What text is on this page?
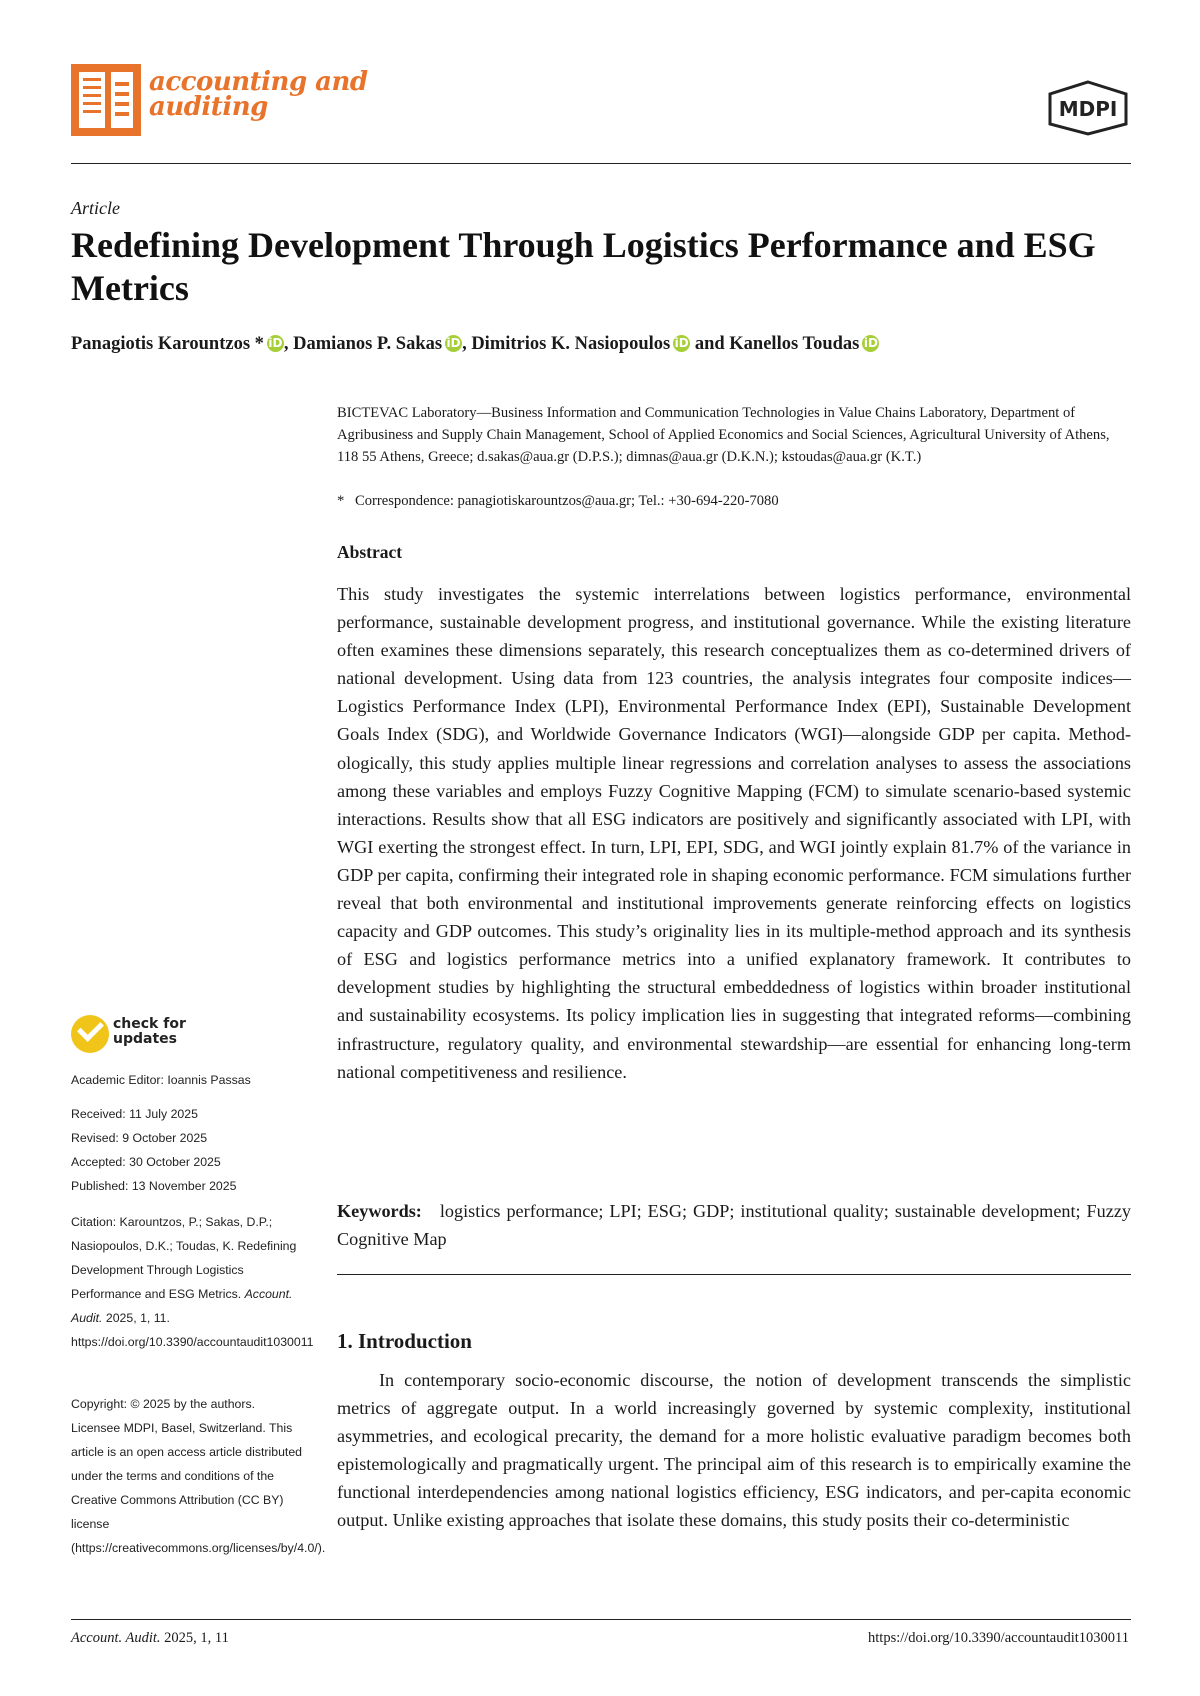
accounting and
auditing	MDPI
Article
Redefining Development Through Logistics Performance and ESG Metrics
Panagiotis Karountzos * iD, Damianos P. Sakas iD, Dimitrios K. Nasiopoulos iD and Kanellos Toudas iD
BICTEVAC Laboratory—Business Information and Communication Technologies in Value Chains Laboratory, Department of Agribusiness and Supply Chain Management, School of Applied Economics and Social Sciences, Agricultural University of Athens, 118 55 Athens, Greece; d.sakas@aua.gr (D.P.S.); dimnas@aua.gr (D.K.N.); kstoudas@aua.gr (K.T.)
* Correspondence: panagiotiskarountzos@aua.gr; Tel.: +30-694-220-7080
Abstract
This study investigates the systemic interrelations between logistics performance, environmental performance, sustainable development progress, and institutional governance. While the existing literature often examines these dimensions separately, this research conceptualizes them as co-determined drivers of national development. Using data from 123 countries, the analysis integrates four composite indices—Logistics Performance Index (LPI), Environmental Performance Index (EPI), Sustainable Development Goals Index (SDG), and Worldwide Governance Indicators (WGI)—alongside GDP per capita. Methodologically, this study applies multiple linear regressions and correlation analyses to assess the associations among these variables and employs Fuzzy Cognitive Mapping (FCM) to simulate scenario-based systemic interactions. Results show that all ESG indicators are positively and significantly associated with LPI, with WGI exerting the strongest effect. In turn, LPI, EPI, SDG, and WGI jointly explain 81.7% of the variance in GDP per capita, confirming their integrated role in shaping economic performance. FCM simulations further reveal that both environmental and institutional improvements generate reinforcing effects on logistics capacity and GDP outcomes. This study’s originality lies in its multiple-method approach and its synthesis of ESG and logistics performance metrics into a unified explanatory framework. It contributes to development studies by highlighting the structural embeddedness of logistics within broader institutional and sustainability ecosystems. Its policy implication lies in suggesting that integrated reforms—combining infrastructure, regulatory quality, and environmental stewardship—are essential for enhancing long-term national competitiveness and resilience.
Keywords: logistics performance; LPI; ESG; GDP; institutional quality; sustainable development; Fuzzy Cognitive Map
1. Introduction
In contemporary socio-economic discourse, the notion of development transcends the simplistic metrics of aggregate output. In a world increasingly governed by systemic complexity, institutional asymmetries, and ecological precarity, the demand for a more holistic evaluative paradigm becomes both epistemologically and pragmatically urgent. The principal aim of this research is to empirically examine the functional interdependencies among national logistics efficiency, ESG indicators, and per-capita economic output. Unlike existing approaches that isolate these domains, this study posits their co-deterministic
check for
updates
Academic Editor: Ioannis Passas

Received: 11 July 2025

Revised: 9 October 2025

Accepted: 30 October 2025

Published: 13 November 2025

Citation: Karountzos, P.; Sakas, D.P.; Nasiopoulos, D.K.; Toudas, K. Redefining Development Through Logistics Performance and ESG Metrics. Account. Audit. 2025, 1, 11. https://doi.org/10.3390/accountaudit1030011
Copyright: © 2025 by the authors. Licensee MDPI, Basel, Switzerland. This article is an open access article distributed under the terms and conditions of the Creative Commons Attribution (CC BY) license (https://creativecommons.org/licenses/by/4.0/).
Account. Audit. 2025, 1, 11	https://doi.org/10.3390/accountaudit1030011
